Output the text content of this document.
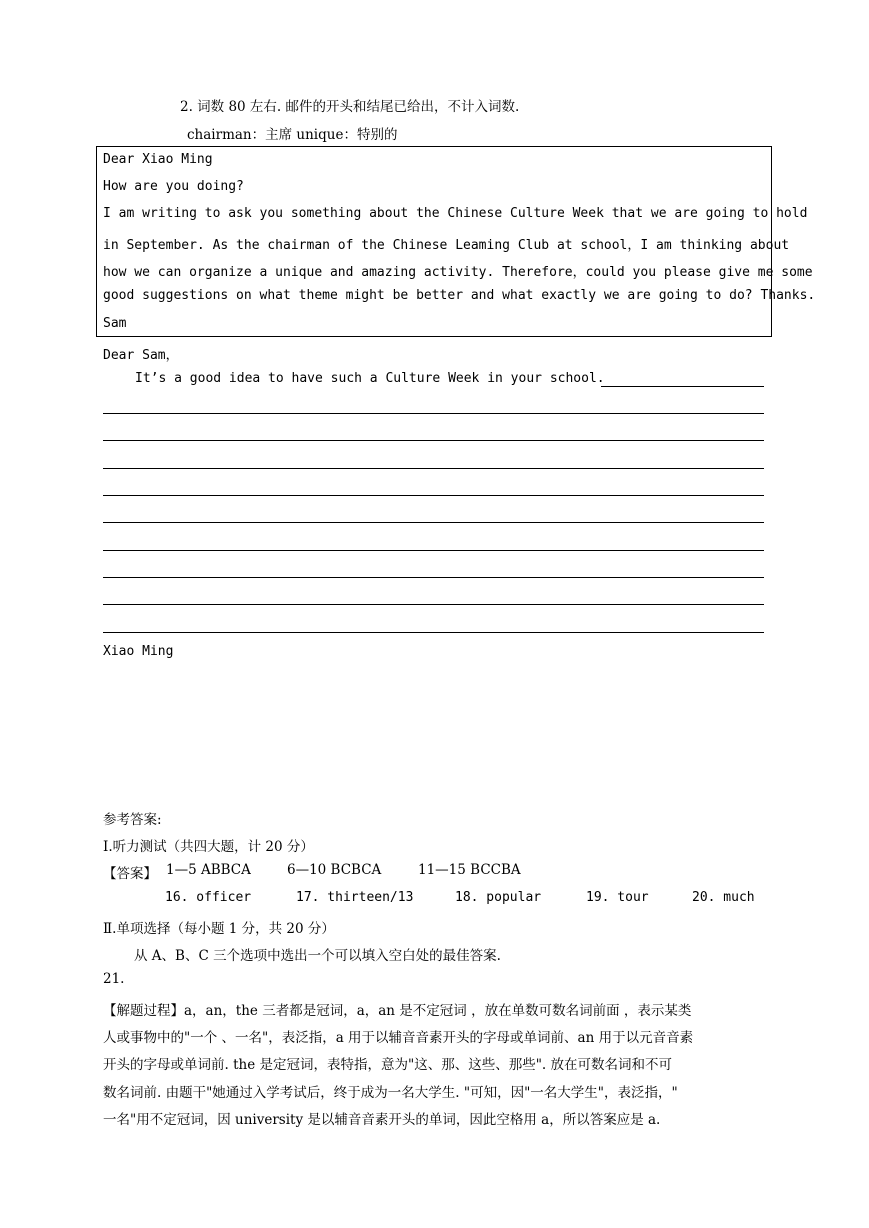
2. 词数 80 左右. 邮件的开头和结尾已给出，不计入词数.
chairman：主席 unique：特别的
Dear Xiao Ming
How are you doing?
I am writing to ask you something about the Chinese Culture Week that we are going to hold
in September. As the chairman of the Chinese Leaming Club at school，I am thinking about
how we can organize a unique and amazing activity. Therefore，could you please give me some
good suggestions on what theme might be better and what exactly we are going to do? Thanks.
Sam
Dear Sam，
It’s a good idea to have such a Culture Week in your school.
Xiao Ming
参考答案:
Ⅰ.听力测试（共四大题，计 20 分）
【答案】 1—5 ABBCA	6—10 BCBCA	11—15 BCCBA
16. officer	17. thirteen/13	18. popular	19. tour	20. much
Ⅱ.单项选择（每小题 1 分，共 20 分）
从 A、B、C 三个选项中选出一个可以填入空白处的最佳答案.
21.
【解题过程】a，an，the 三者都是冠词，a，an 是不定冠词 ，放在单数可数名词前面 ，表示某类
人或事物中的"一个 、一名"，表泛指，a 用于以辅音音素开头的字母或单词前、an 用于以元音音素
开头的字母或单词前. the 是定冠词，表特指，意为"这、那、这些、那些". 放在可数名词和不可
数名词前. 由题干"她通过入学考试后，终于成为一名大学生. "可知，因"一名大学生"，表泛指，"
一名"用不定冠词，因 university 是以辅音音素开头的单词，因此空格用 a，所以答案应是 a.
